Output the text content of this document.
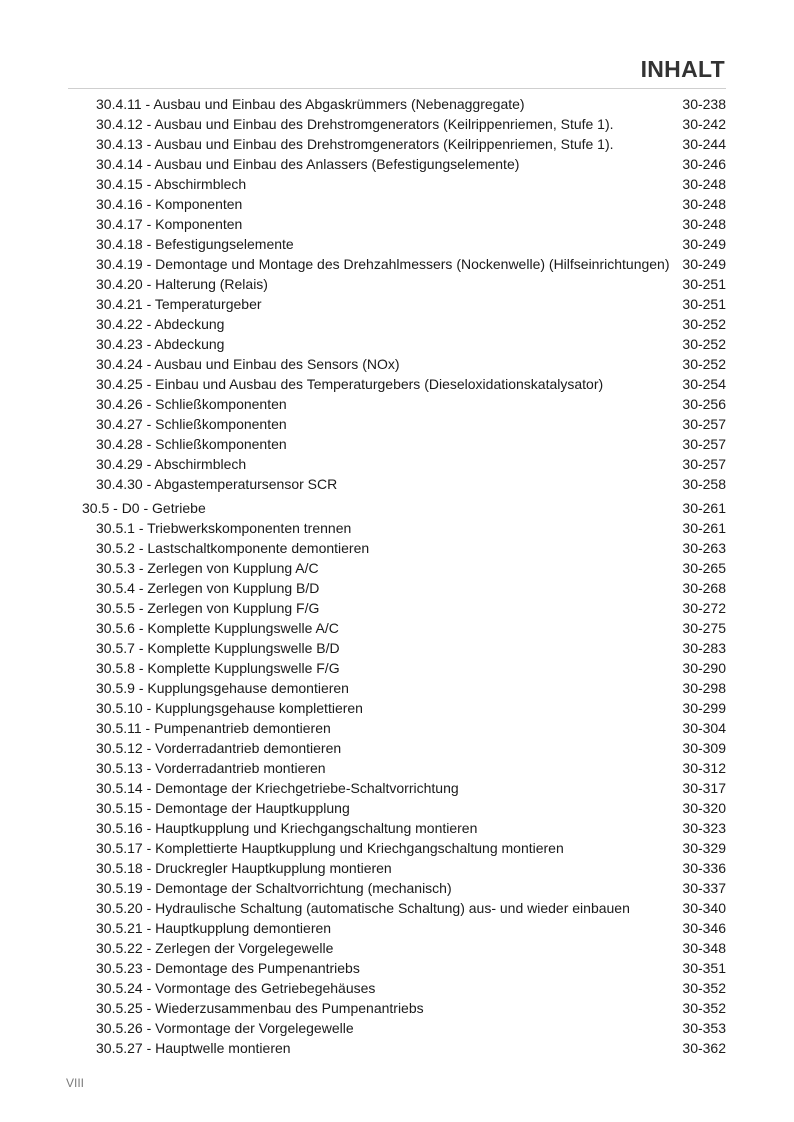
INHALT
30.4.11 - Ausbau und Einbau des Abgaskrümmers (Nebenaggregate)	30-238
30.4.12 - Ausbau und Einbau des Drehstromgenerators (Keilrippenriemen, Stufe 1).	30-242
30.4.13 - Ausbau und Einbau des Drehstromgenerators (Keilrippenriemen, Stufe 1).	30-244
30.4.14 - Ausbau und Einbau des Anlassers (Befestigungselemente)	30-246
30.4.15 - Abschirmblech	30-248
30.4.16 - Komponenten	30-248
30.4.17 - Komponenten	30-248
30.4.18 - Befestigungselemente	30-249
30.4.19 - Demontage und Montage des Drehzahlmessers (Nockenwelle) (Hilfseinrichtungen) 30-249
30.4.20 - Halterung (Relais)	30-251
30.4.21 - Temperaturgeber	30-251
30.4.22 - Abdeckung	30-252
30.4.23 - Abdeckung	30-252
30.4.24 - Ausbau und Einbau des Sensors (NOx)	30-252
30.4.25 - Einbau und Ausbau des Temperaturgebers (Dieseloxidationskatalysator)	30-254
30.4.26 - Schließkomponenten	30-256
30.4.27 - Schließkomponenten	30-257
30.4.28 - Schließkomponenten	30-257
30.4.29 - Abschirmblech	30-257
30.4.30 - Abgastemperatursensor SCR	30-258
30.5 - D0 - Getriebe	30-261
30.5.1 - Triebwerkskomponenten trennen	30-261
30.5.2 - Lastschaltkomponente demontieren	30-263
30.5.3 - Zerlegen von Kupplung A/C	30-265
30.5.4 - Zerlegen von Kupplung B/D	30-268
30.5.5 - Zerlegen von Kupplung F/G	30-272
30.5.6 - Komplette Kupplungswelle A/C	30-275
30.5.7 - Komplette Kupplungswelle B/D	30-283
30.5.8 - Komplette Kupplungswelle F/G	30-290
30.5.9 - Kupplungsgehause demontieren	30-298
30.5.10 - Kupplungsgehause komplettieren	30-299
30.5.11 - Pumpenantrieb demontieren	30-304
30.5.12 - Vorderradantrieb demontieren	30-309
30.5.13 - Vorderradantrieb montieren	30-312
30.5.14 - Demontage der Kriechgetriebe-Schaltvorrichtung	30-317
30.5.15 - Demontage der Hauptkupplung	30-320
30.5.16 - Hauptkupplung und Kriechgangschaltung montieren	30-323
30.5.17 - Komplettierte Hauptkupplung und Kriechgangschaltung montieren	30-329
30.5.18 - Druckregler Hauptkupplung montieren	30-336
30.5.19 - Demontage der Schaltvorrichtung (mechanisch)	30-337
30.5.20 - Hydraulische Schaltung (automatische Schaltung) aus- und wieder einbauen	30-340
30.5.21 - Hauptkupplung demontieren	30-346
30.5.22 - Zerlegen der Vorgelegewelle	30-348
30.5.23 - Demontage des Pumpenantriebs	30-351
30.5.24 - Vormontage des Getriebegehäuses	30-352
30.5.25 - Wiederzusammenbau des Pumpenantriebs	30-352
30.5.26 - Vormontage der Vorgelegewelle	30-353
30.5.27 - Hauptwelle montieren	30-362
VIII
